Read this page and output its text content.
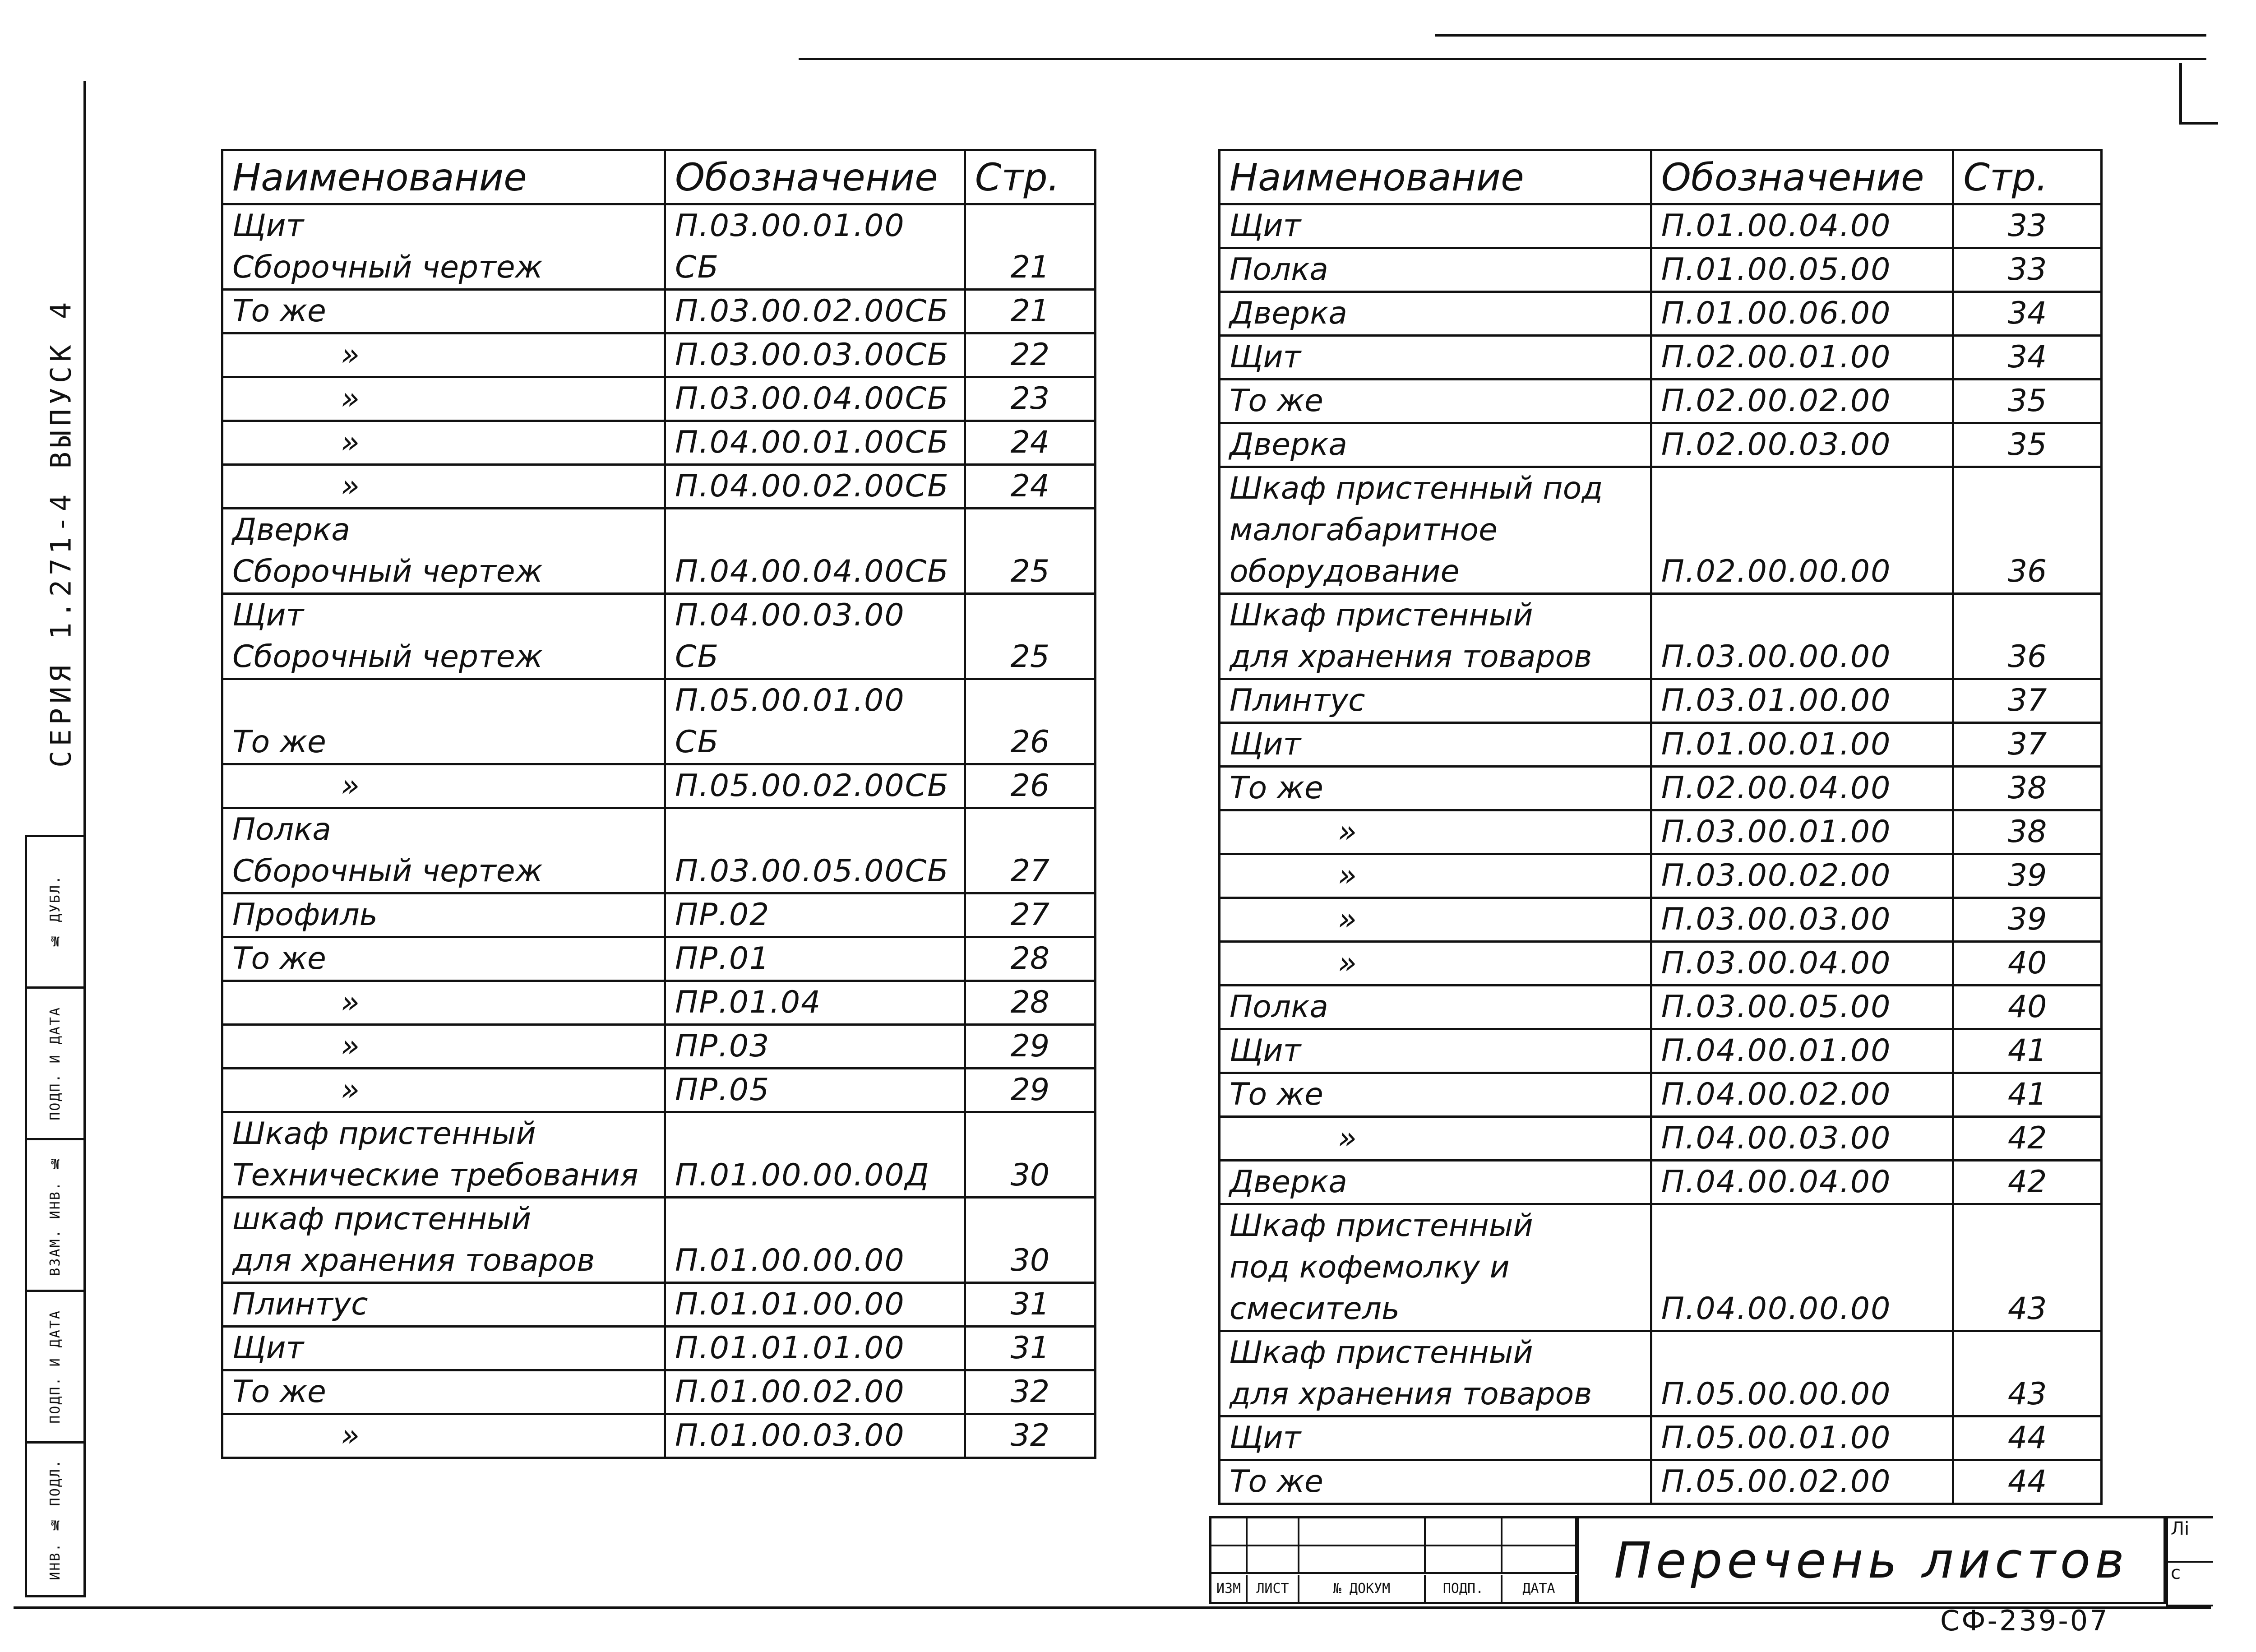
СЕРИЯ 1.271-4 ВЫПУСК 4
№ ДУБЛ.
ПОДП. И ДАТА
ВЗАМ. ИНВ. №
ПОДП. И ДАТА
ИНВ. № ПОДЛ.
Наименование	Обозначение	Стр.
Щит
Сборочный чертеж	П.03.00.01.00 СБ	21
То же	П.03.00.02.00СБ	21
»	П.03.00.03.00СБ	22
»	П.03.00.04.00СБ	23
»	П.04.00.01.00СБ	24
»	П.04.00.02.00СБ	24
Дверка
Сборочный чертеж	П.04.00.04.00СБ	25
Щит
Сборочный чертеж	П.04.00.03.00 СБ	25
То же	П.05.00.01.00 СБ	26
»	П.05.00.02.00СБ	26
Полка
Сборочный чертеж	П.03.00.05.00СБ	27
Профиль	ПР.02	27
То же	ПР.01	28
»	ПР.01.04	28
»	ПР.03	29
»	ПР.05	29
Шкаф пристенный
Технические требования	П.01.00.00.00Д	30
шкаф пристенный
для хранения товаров	П.01.00.00.00	30
Плинтус	П.01.01.00.00	31
Щит	П.01.01.01.00	31
То же	П.01.00.02.00	32
»	П.01.00.03.00	32
Наименование	Обозначение	Стр.
Щит	П.01.00.04.00	33
Полка	П.01.00.05.00	33
Дверка	П.01.00.06.00	34
Щит	П.02.00.01.00	34
То же	П.02.00.02.00	35
Дверка	П.02.00.03.00	35
Шкаф пристенный под
малогабаритное
оборудование	П.02.00.00.00	36
Шкаф пристенный
для хранения товаров	П.03.00.00.00	36
Плинтус	П.03.01.00.00	37
Щит	П.01.00.01.00	37
То же	П.02.00.04.00	38
»	П.03.00.01.00	38
»	П.03.00.02.00	39
»	П.03.00.03.00	39
»	П.03.00.04.00	40
Полка	П.03.00.05.00	40
Щит	П.04.00.01.00	41
То же	П.04.00.02.00	41
»	П.04.00.03.00	42
Дверка	П.04.00.04.00	42
Шкаф пристенный
под кофемолку и
смеситель	П.04.00.00.00	43
Шкаф пристенный
для хранения товаров	П.05.00.00.00	43
Щит	П.05.00.01.00	44
То же	П.05.00.02.00	44
ИЗМ	ЛИСТ	№ ДОКУМ	ПОДП.	ДАТА	Перечень листов
Лі
с
СФ-239-07
